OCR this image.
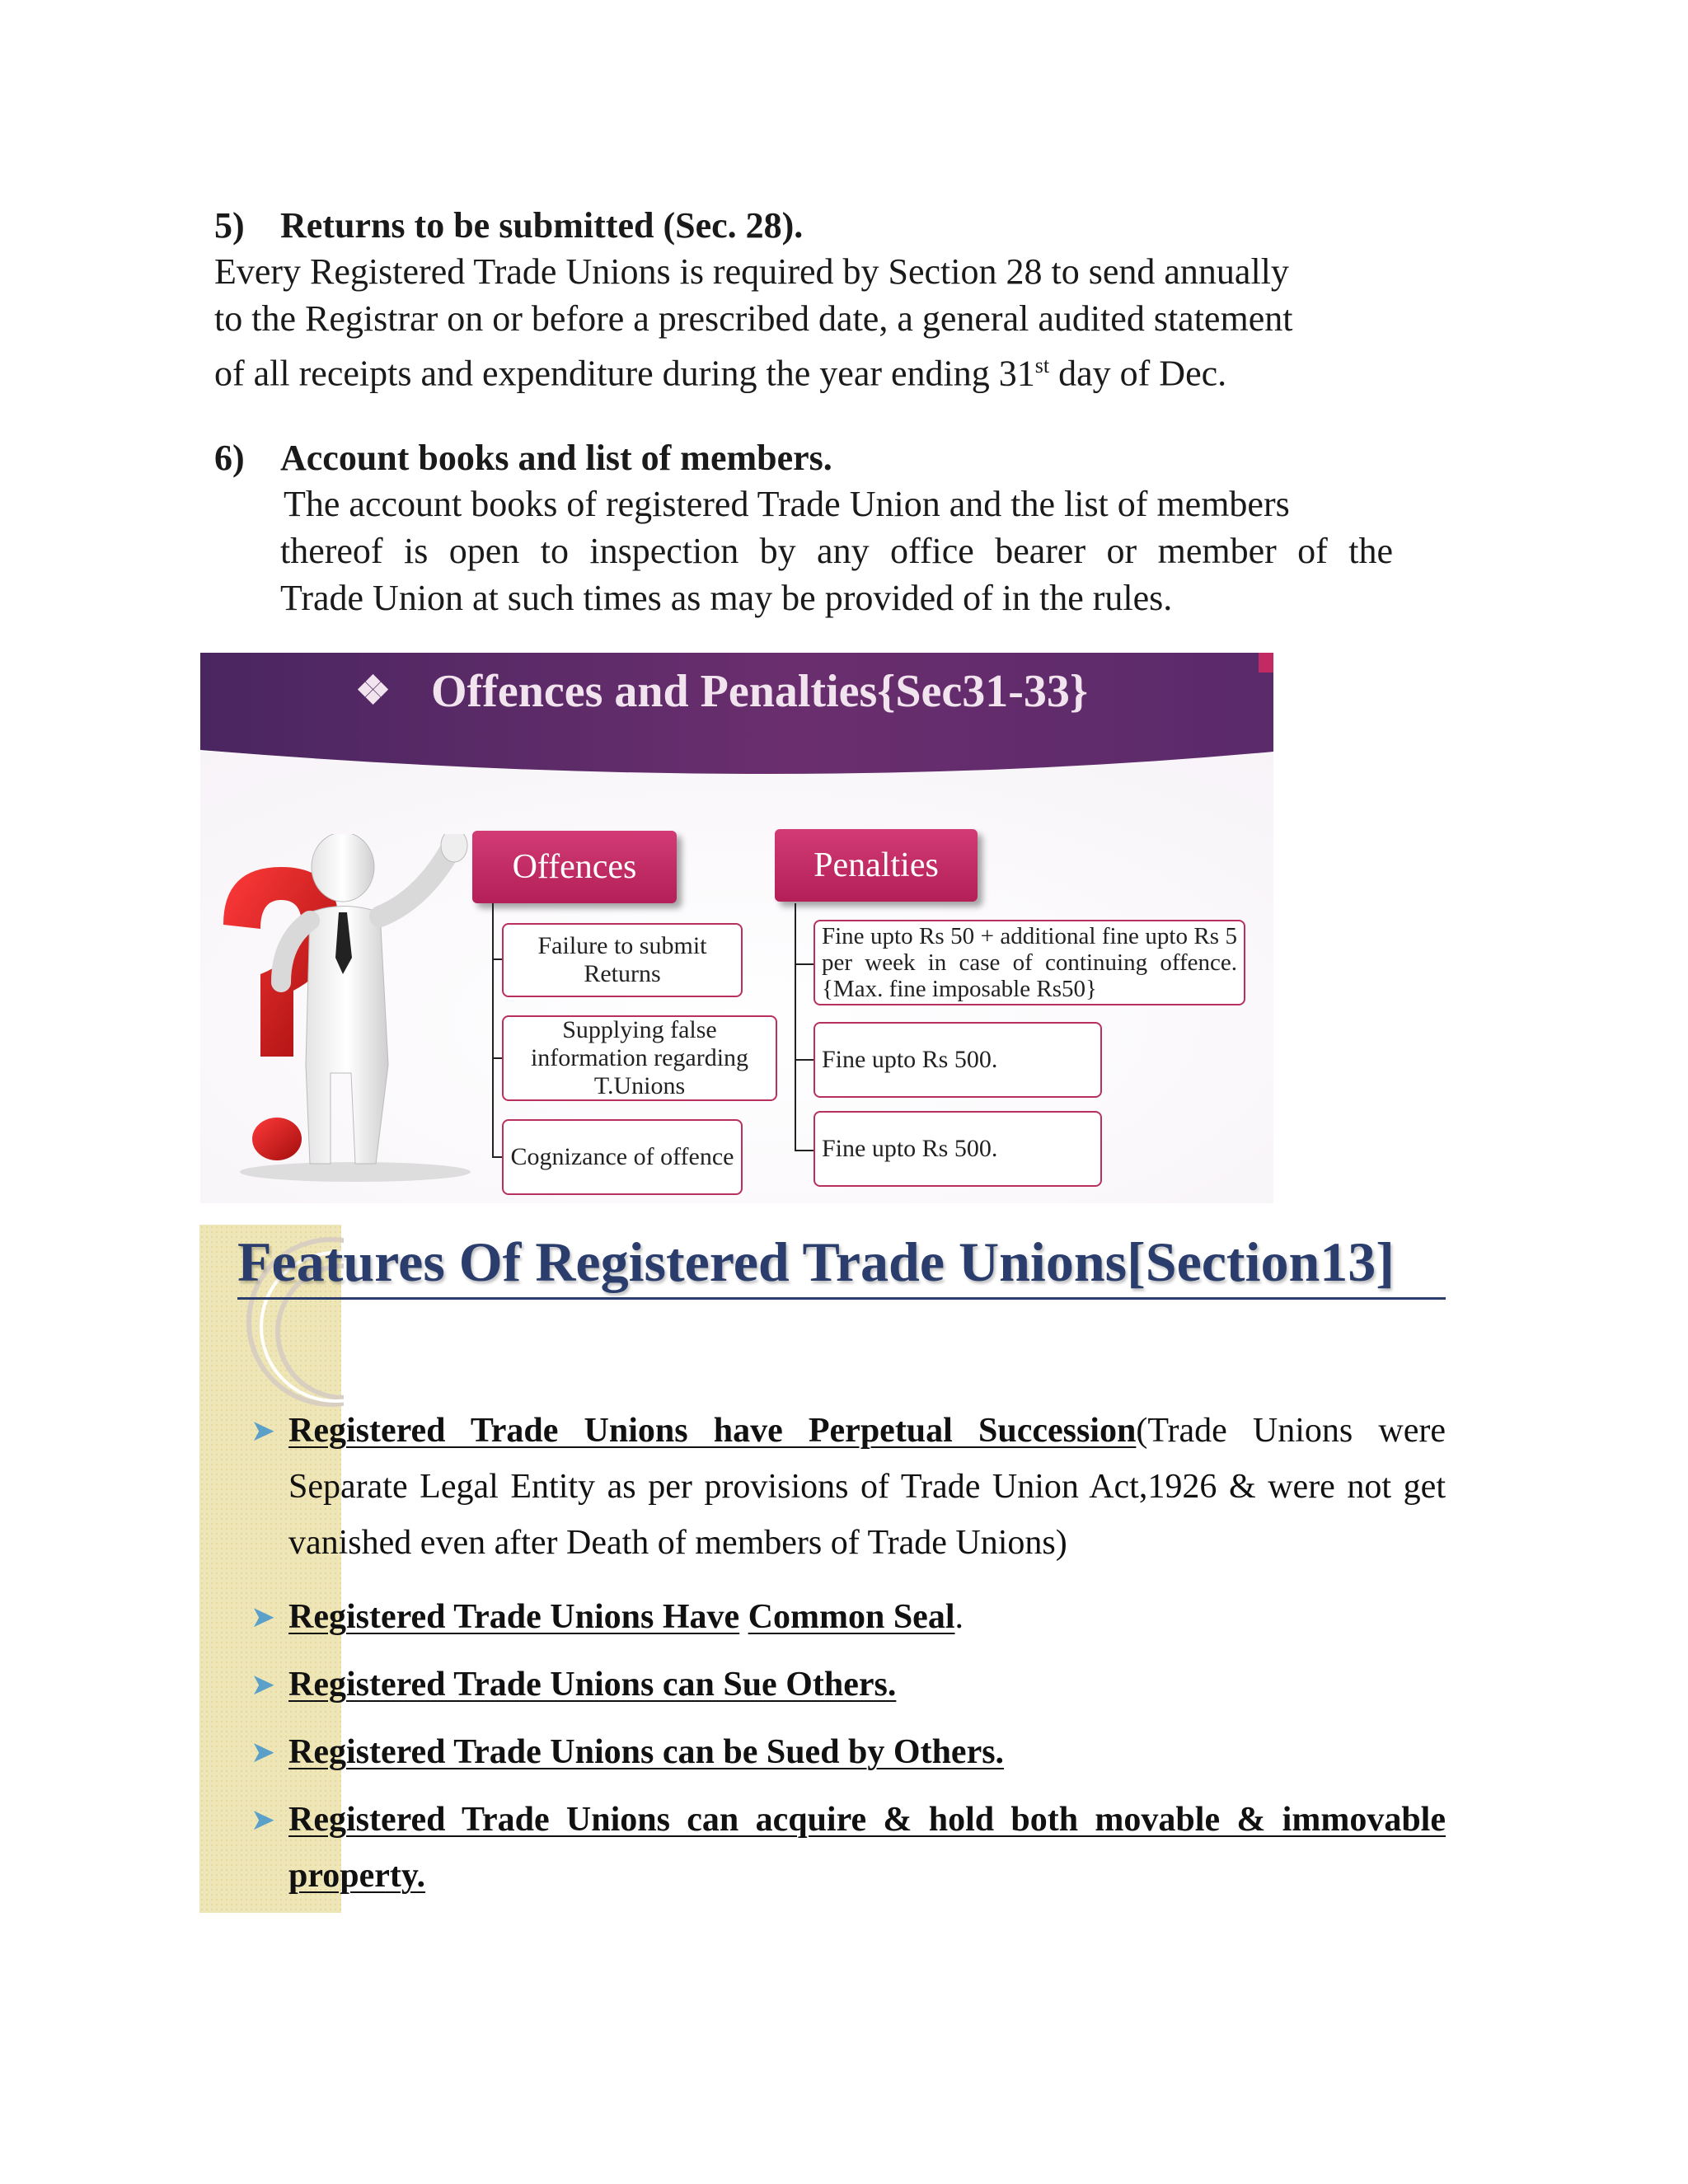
5) Returns to be submitted (Sec. 28).
Every Registered Trade Unions is required by Section 28 to send annually
to the Registrar on or before a prescribed date, a general audited statement
of all receipts and expenditure during the year ending 31st day of Dec.
6) Account books and list of members.
The account books of registered Trade Union and the list of members
thereof is open to inspection by any office bearer or member of the
Trade Union at such times as may be provided of in the rules.
❖ Offences and Penalties{Sec31-33}
Offences	Penalties
Failure to submit Returns
Supplying false information regarding T.Unions
Cognizance of offence
Fine upto Rs 50 + additional fine upto Rs 5 per week in case of continuing offence. {Max. fine imposable Rs50}
Fine upto Rs 500.
Fine upto Rs 500.
Features Of Registered Trade Unions[Section13]
➤ Registered Trade Unions have Perpetual Succession(Trade Unions were Separate Legal Entity as per provisions of Trade Union Act,1926 & were not get vanished even after Death of members of Trade Unions)
➤ Registered Trade Unions Have Common Seal.
➤ Registered Trade Unions can Sue Others.
➤ Registered Trade Unions can be Sued by Others.
➤ Registered Trade Unions can acquire & hold both movable & immovable property.
